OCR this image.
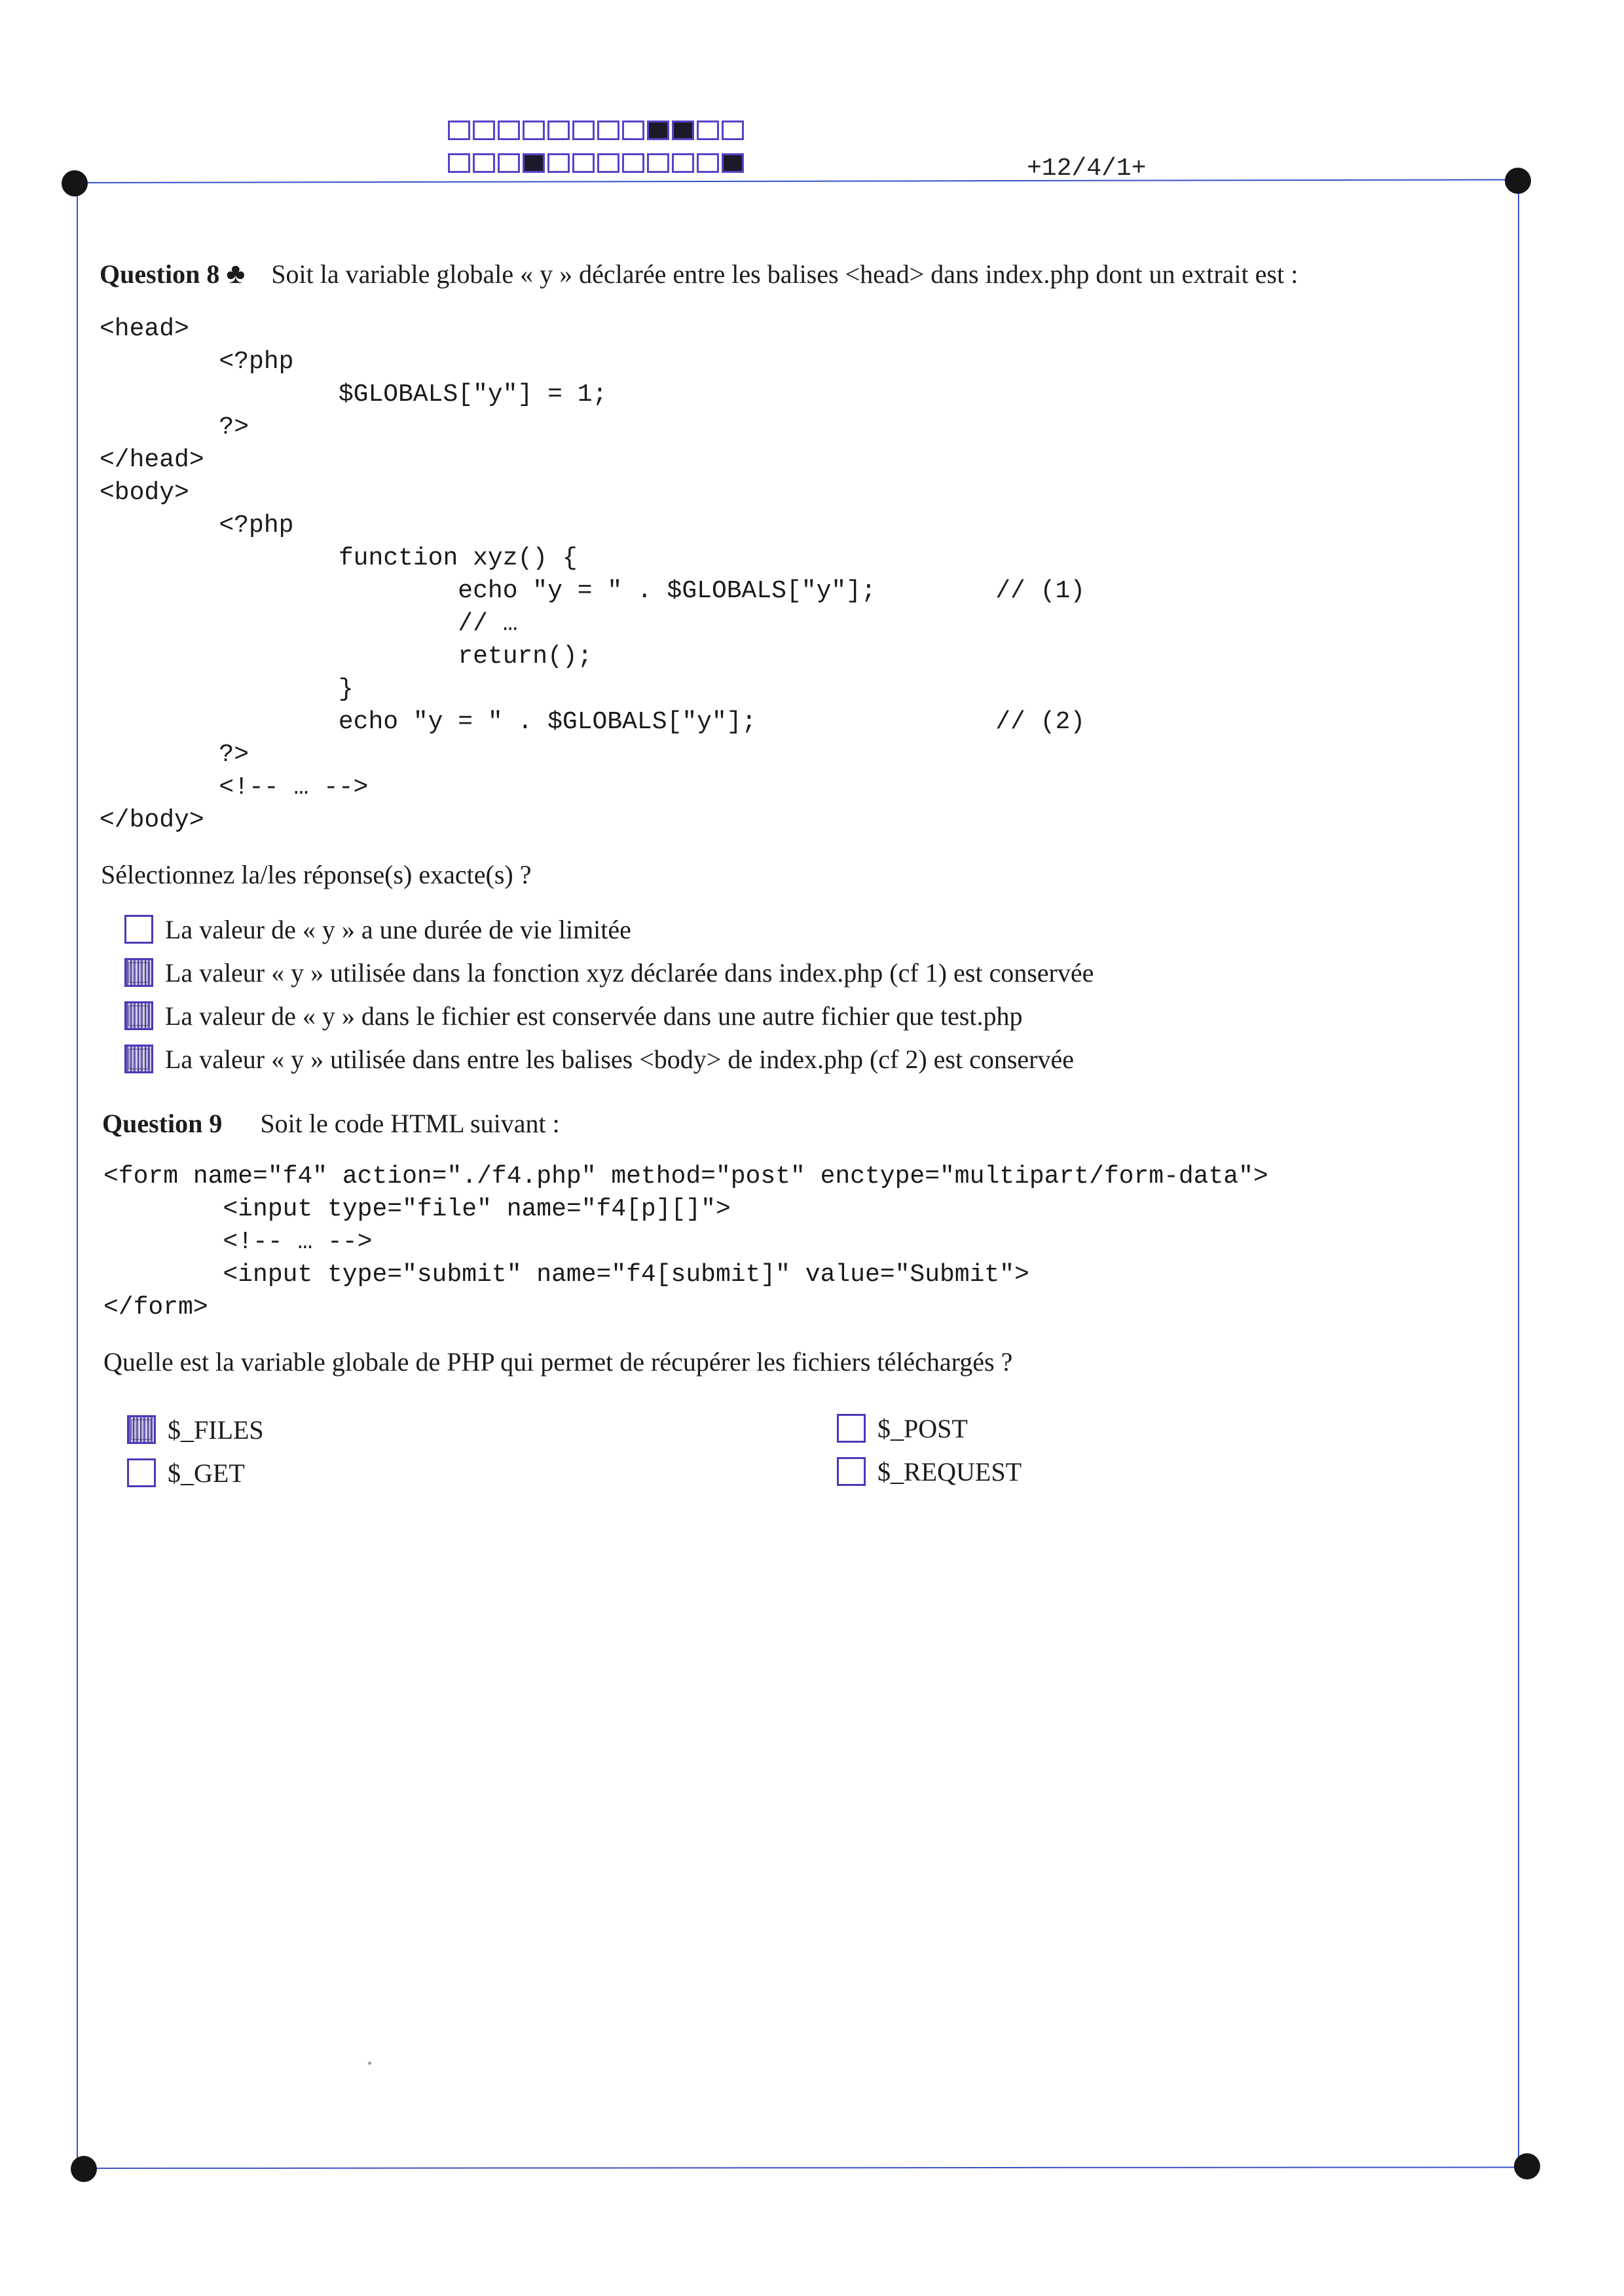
+12/4/1+
Question 8 ♣ Soit la variable globale « y » déclarée entre les balises <head> dans index.php dont un extrait est :
<head>
<?php
$GLOBALS["y"] = 1;
?>
</head>
<body>
<?php
function xyz() {
echo "y = " . $GLOBALS["y"];        // (1)
// …
return();
}
echo "y = " . $GLOBALS["y"];                // (2)
?>
<!-- … -->
</body>
Sélectionnez la/les réponse(s) exacte(s) ?
La valeur de « y » a une durée de vie limitée
La valeur « y » utilisée dans la fonction xyz déclarée dans index.php (cf 1) est conservée
La valeur de « y » dans le fichier est conservée dans une autre fichier que test.php
La valeur « y » utilisée dans entre les balises <body> de index.php (cf 2) est conservée
Question 9 Soit le code HTML suivant :
<form name="f4" action="./f4.php" method="post" enctype="multipart/form-data">
<input type="file" name="f4[p][]">
<!-- … -->
<input type="submit" name="f4[submit]" value="Submit">
</form>
Quelle est la variable globale de PHP qui permet de récupérer les fichiers téléchargés ?
$_FILES
$_GET
$_POST
$_REQUEST
